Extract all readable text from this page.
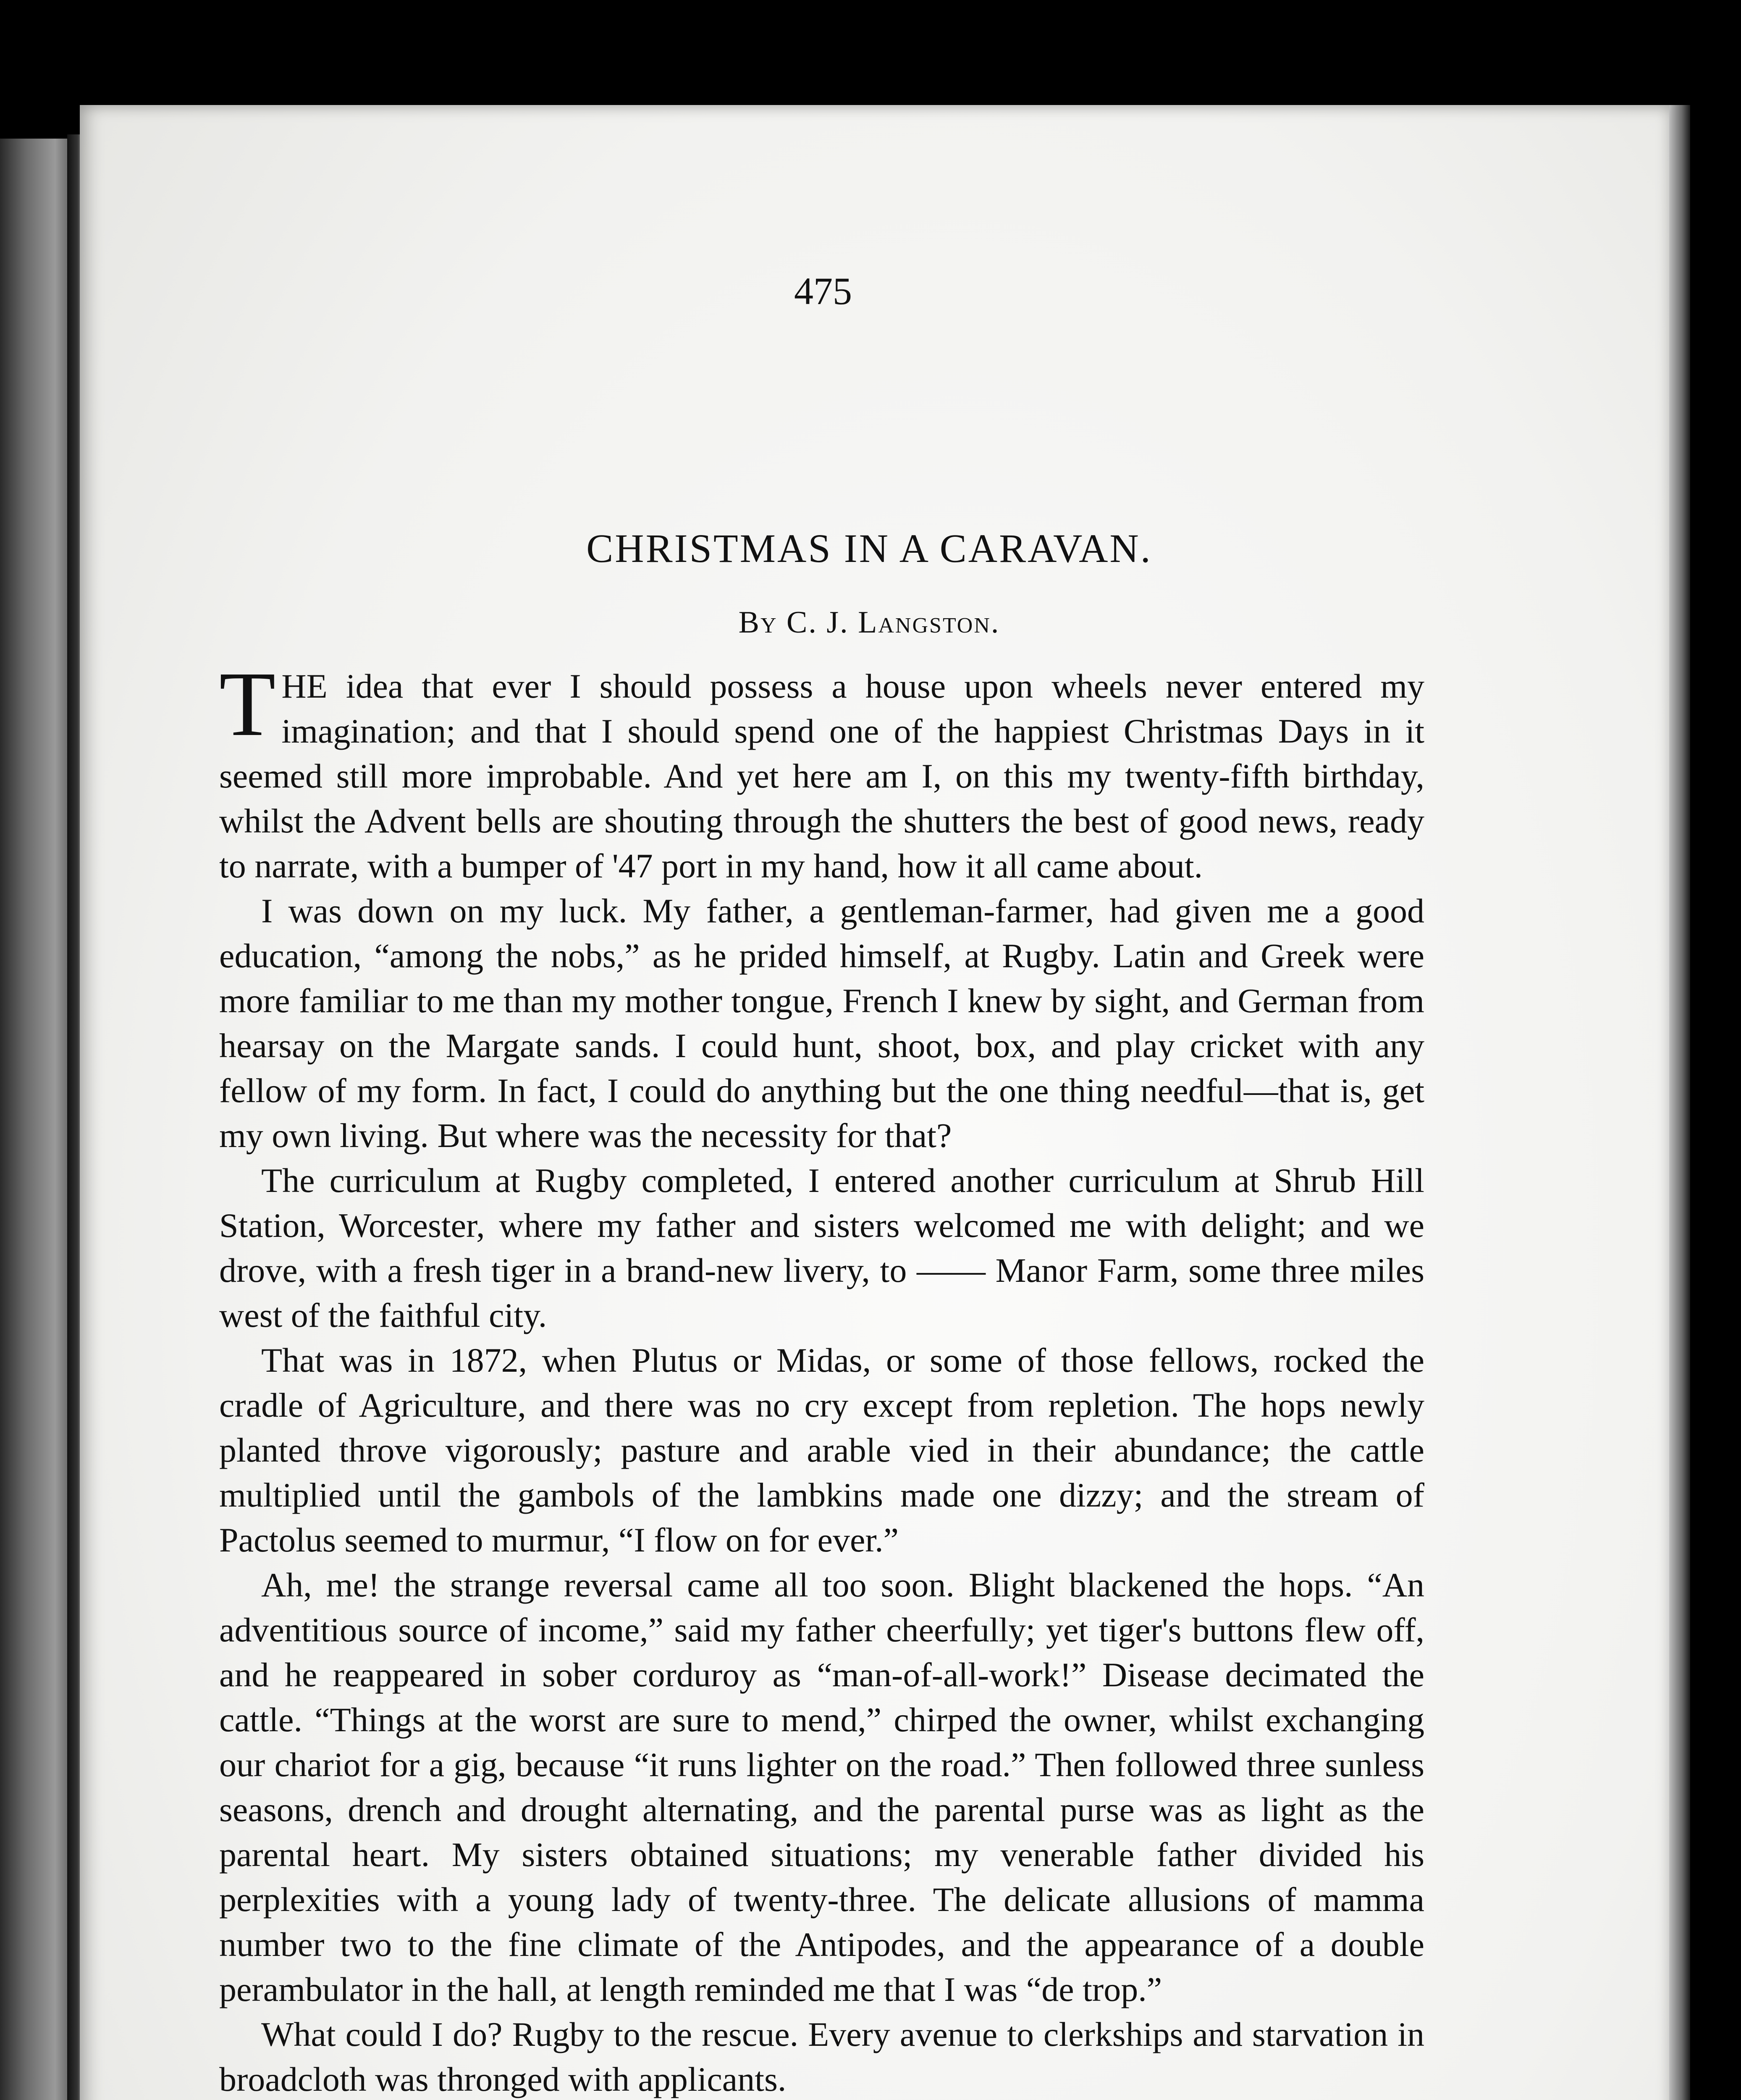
475
CHRISTMAS IN A CARAVAN.
By C. J. Langston.

THE idea that ever I should possess a house upon wheels never entered my imagination; and that I should spend one of the happiest Christmas Days in it seemed still more improbable. And yet here am I, on this my twenty-fifth birthday, whilst the Advent bells are shouting through the shutters the best of good news, ready to narrate, with a bumper of '47 port in my hand, how it all came about.

I was down on my luck. My father, a gentleman-farmer, had given me a good education, “among the nobs,” as he prided himself, at Rugby. Latin and Greek were more familiar to me than my mother tongue, French I knew by sight, and German from hearsay on the Margate sands. I could hunt, shoot, box, and play cricket with any fellow of my form. In fact, I could do anything but the one thing needful—that is, get my own living. But where was the necessity for that?

The curriculum at Rugby completed, I entered another curriculum at Shrub Hill Station, Worcester, where my father and sisters welcomed me with delight; and we drove, with a fresh tiger in a brand-new livery, to —— Manor Farm, some three miles west of the faithful city.

That was in 1872, when Plutus or Midas, or some of those fellows, rocked the cradle of Agriculture, and there was no cry except from repletion. The hops newly planted throve vigorously; pasture and arable vied in their abundance; the cattle multiplied until the gambols of the lambkins made one dizzy; and the stream of Pactolus seemed to murmur, “I flow on for ever.”

Ah, me! the strange reversal came all too soon. Blight blackened the hops. “An adventitious source of income,” said my father cheerfully; yet tiger's buttons flew off, and he reappeared in sober corduroy as “man-of-all-work!” Disease decimated the cattle. “Things at the worst are sure to mend,” chirped the owner, whilst exchanging our chariot for a gig, because “it runs lighter on the road.” Then followed three sunless seasons, drench and drought alternating, and the parental purse was as light as the parental heart. My sisters obtained situations; my venerable father divided his perplexities with a young lady of twenty-three. The delicate allusions of mamma number two to the fine climate of the Antipodes, and the appearance of a double perambulator in the hall, at length reminded me that I was “de trop.”

What could I do? Rugby to the rescue. Every avenue to clerkships and starvation in broadcloth was thronged with applicants.
